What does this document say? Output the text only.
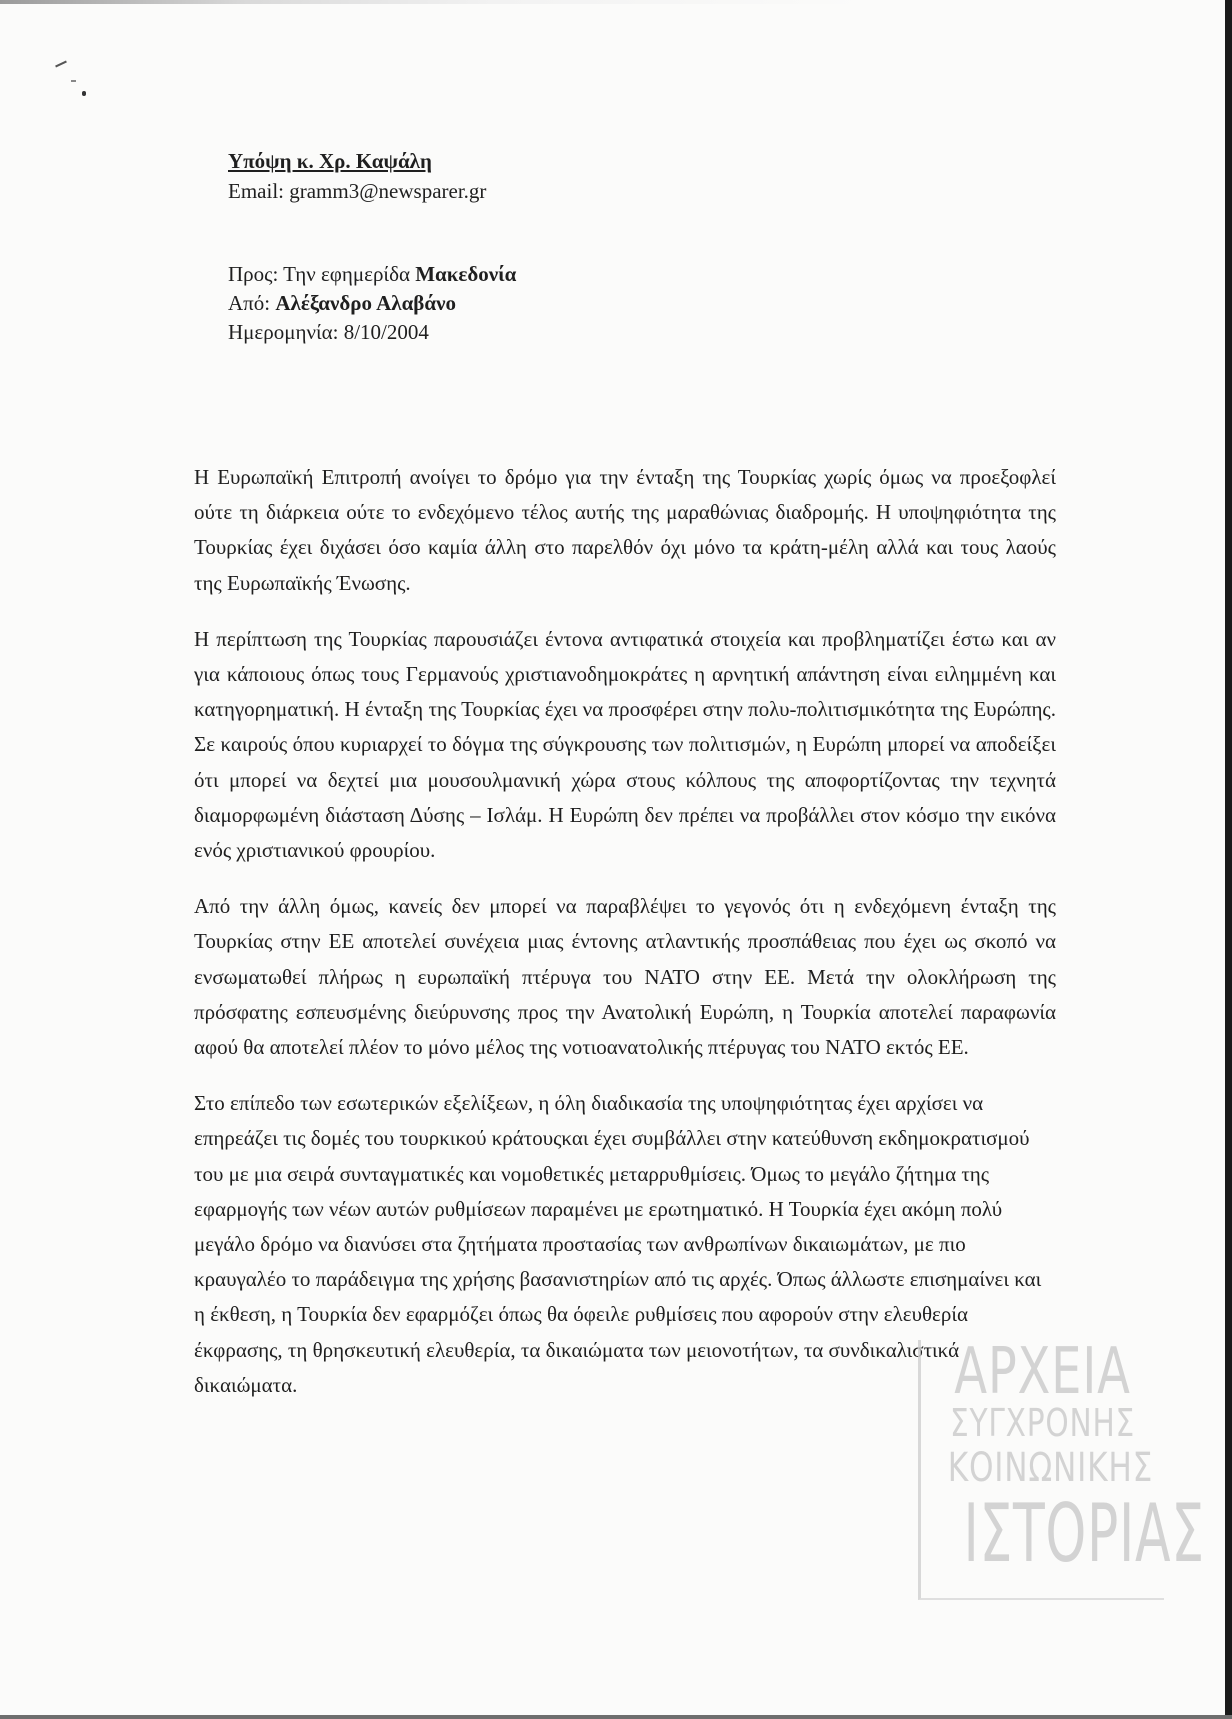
Υπόψη κ. Χρ. Καψάλη
Email: gramm3@newsparer.gr
Προς: Την εφημερίδα Μακεδονία
Από: Αλέξανδρο Αλαβάνο
Ημερομηνία: 8/10/2004

Η Ευρωπαϊκή Επιτροπή ανοίγει το δρόμο για την ένταξη της Τουρκίας χωρίς όμως να προεξοφλεί ούτε τη διάρκεια ούτε το ενδεχόμενο τέλος αυτής της μαραθώνιας διαδρομής. Η υποψηφιότητα της Τουρκίας έχει διχάσει όσο καμία άλλη στο παρελθόν όχι μόνο τα κράτη-μέλη αλλά και τους λαούς της Ευρωπαϊκής Ένωσης.

Η περίπτωση της Τουρκίας παρουσιάζει έντονα αντιφατικά στοιχεία και προβληματίζει έστω και αν για κάποιους όπως τους Γερμανούς χριστιανοδημοκράτες η αρνητική απάντηση είναι ειλημμένη και κατηγορηματική. Η ένταξη της Τουρκίας έχει να προσφέρει στην πολυ-πολιτισμικότητα της Ευρώπης. Σε καιρούς όπου κυριαρχεί το δόγμα της σύγκρουσης των πολιτισμών, η Ευρώπη μπορεί να αποδείξει ότι μπορεί να δεχτεί μια μουσουλμανική χώρα στους κόλπους της αποφορτίζοντας την τεχνητά διαμορφωμένη διάσταση Δύσης – Ισλάμ. Η Ευρώπη δεν πρέπει να προβάλλει στον κόσμο την εικόνα ενός χριστιανικού φρουρίου.

Από την άλλη όμως, κανείς δεν μπορεί να παραβλέψει το γεγονός ότι η ενδεχόμενη ένταξη της Τουρκίας στην ΕΕ αποτελεί συνέχεια μιας έντονης ατλαντικής προσπάθειας που έχει ως σκοπό να ενσωματωθεί πλήρως η ευρωπαϊκή πτέρυγα του ΝΑΤΟ στην ΕΕ. Μετά την ολοκλήρωση της πρόσφατης εσπευσμένης διεύρυνσης προς την Ανατολική Ευρώπη, η Τουρκία αποτελεί παραφωνία αφού θα αποτελεί πλέον το μόνο μέλος της νοτιοανατολικής πτέρυγας του ΝΑΤΟ εκτός ΕΕ.

Στο επίπεδο των εσωτερικών εξελίξεων, η όλη διαδικασία της υποψηφιότητας έχει αρχίσει να επηρεάζει τις δομές του τουρκικού κράτουςκαι έχει συμβάλλει στην κατεύθυνση εκδημοκρατισμού του με μια σειρά συνταγματικές και νομοθετικές μεταρρυθμίσεις. Όμως το μεγάλο ζήτημα της εφαρμογής των νέων αυτών ρυθμίσεων παραμένει με ερωτηματικό. Η Τουρκία έχει ακόμη πολύ μεγάλο δρόμο να διανύσει στα ζητήματα προστασίας των ανθρωπίνων δικαιωμάτων, με πιο κραυγαλέο το παράδειγμα της χρήσης βασανιστηρίων από τις αρχές. Όπως άλλωστε επισημαίνει και η έκθεση, η Τουρκία δεν εφαρμόζει όπως θα όφειλε ρυθμίσεις που αφορούν στην ελευθερία έκφρασης, τη θρησκευτική ελευθερία, τα δικαιώματα των μειονοτήτων, τα συνδικαλιστικά δικαιώματα.	ΑΡΧΕΙΑ
ΣΥΓΧΡΟΝΗΣ
ΚΟΙΝΩΝΙΚΗΣ
ΙΣΤΟΡΙΑΣ
